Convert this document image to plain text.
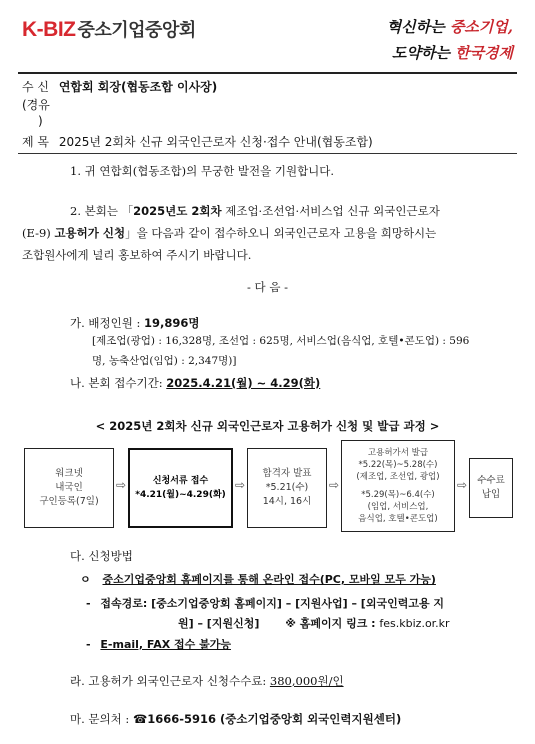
K-BIZ 중소기업중앙회	혁신하는 중소기업,
도약하는 한국경제
수 신 연합회 회장(협동조합 이사장)
(경유
)
제 목 2025년 2회차 신규 외국인근로자 신청·접수 안내(협동조합)
1. 귀 연합회(협동조합)의 무궁한 발전을 기원합니다.
2. 본회는 「2025년도 2회차 제조업·조선업·서비스업 신규 외국인근로자
(E-9) 고용허가 신청」을 다음과 같이 접수하오니 외국인근로자 고용을 희망하시는
조합원사에게 널리 홍보하여 주시기 바랍니다.
- 다 음 -
가. 배정인원 : 19,896명
[제조업(광업) : 16,328명, 조선업 : 625명, 서비스업(음식업, 호텔•콘도업) : 596
명, 농축산업(임업) : 2,347명)]
나. 본회 접수기간: 2025.4.21(월) ~ 4.29(화)
< 2025년 2회차 신규 외국인근로자 고용허가 신청 및 발급 과정 >
워크넷
내국인
구인등록(7일)
⇨	신청서류 접수
*4.21(월)~4.29(화)
⇨
합격자 발표
*5.21(수)
14시, 16시
⇨
고용허가서 발급
*5.22(목)~5.28(수)
(제조업, 조선업, 광업)
*5.29(목)~6.4(수)
(임업, 서비스업,
음식업, 호텔•콘도업)
⇨ 수수료
납입
다. 신청방법
ㅇ 중소기업중앙회 홈페이지를 통해 온라인 접수(PC, 모바일 모두 가능)
- 접속경로: [중소기업중앙회 홈페이지] – [지원사업] – [외국인력고용 지
원] – [지원신청] ※ 홈페이지 링크 : fes.kbiz.or.kr
- E-mail, FAX 접수 불가능
라. 고용허가 외국인근로자 신청수수료: 380,000원/인
마. 문의처 : ☎1666-5916 (중소기업중앙회 외국인력지원센터)
